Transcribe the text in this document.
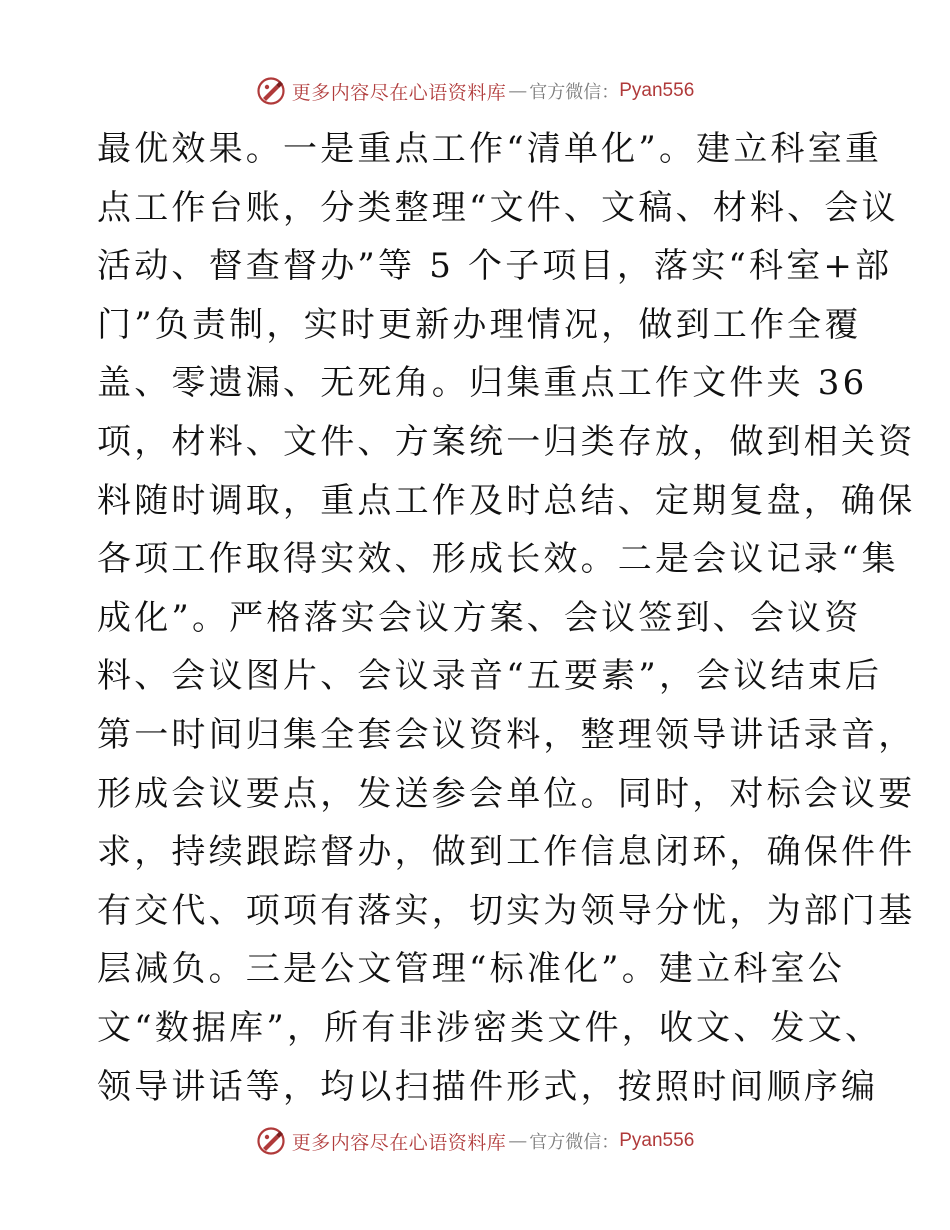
更多内容尽在心语资料库 — 官方微信： Pyan556
最优效果。一是重点工作“清单化”。建立科室重
点工作台账，分类整理“文件、文稿、材料、会议
活动、督查督办”等 5 个子项目，落实“科室+部
门”负责制，实时更新办理情况，做到工作全覆
盖、零遗漏、无死角。归集重点工作文件夹 36
项，材料、文件、方案统一归类存放，做到相关资
料随时调取，重点工作及时总结、定期复盘，确保
各项工作取得实效、形成长效。二是会议记录“集
成化”。严格落实会议方案、会议签到、会议资
料、会议图片、会议录音“五要素”，会议结束后
第一时间归集全套会议资料，整理领导讲话录音，
形成会议要点，发送参会单位。同时，对标会议要
求，持续跟踪督办，做到工作信息闭环，确保件件
有交代、项项有落实，切实为领导分忧，为部门基
层减负。三是公文管理“标准化”。建立科室公
文“数据库”，所有非涉密类文件，收文、发文、
领导讲话等，均以扫描件形式，按照时间顺序编
更多内容尽在心语资料库 — 官方微信： Pyan556
